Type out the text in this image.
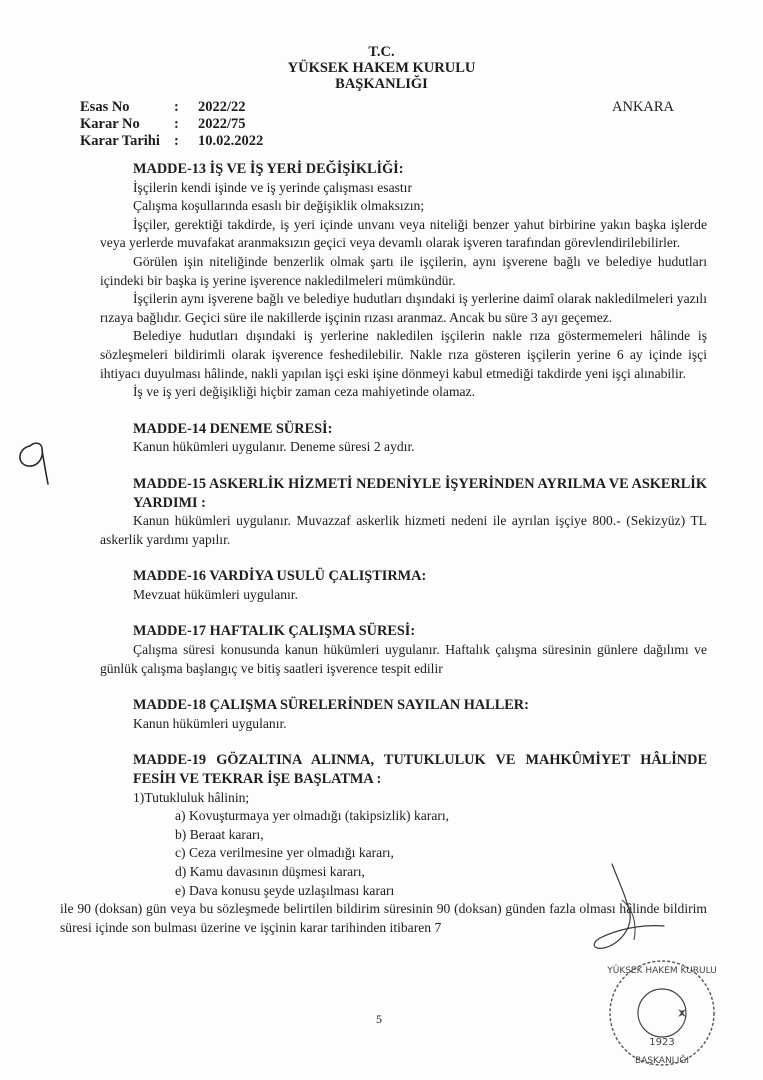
T.C.
YÜKSEK HAKEM KURULU
BAŞKANLIĞI
Esas No	:	2022/22
Karar No	:	2022/75
Karar Tarihi :	10.02.2022
ANKARA
MADDE-13 İŞ VE İŞ YERİ DEĞİŞİKLİĞİ:

İşçilerin kendi işinde ve iş yerinde çalışması esastır

Çalışma koşullarında esaslı bir değişiklik olmaksızın;

İşçiler, gerektiği takdirde, iş yeri içinde unvanı veya niteliği benzer yahut birbirine yakın başka işlerde veya yerlerde muvafakat aranmaksızın geçici veya devamlı olarak işveren tarafından görevlendirilebilirler.

Görülen işin niteliğinde benzerlik olmak şartı ile işçilerin, aynı işverene bağlı ve belediye hudutları içindeki bir başka iş yerine işverence nakledilmeleri mümkündür.

İşçilerin aynı işverene bağlı ve belediye hudutları dışındaki iş yerlerine daimî olarak nakledilmeleri yazılı rızaya bağlıdır. Geçici süre ile nakillerde işçinin rızası aranmaz. Ancak bu süre 3 ayı geçemez.

Belediye hudutları dışındaki iş yerlerine nakledilen işçilerin nakle rıza göstermemeleri hâlinde iş sözleşmeleri bildirimli olarak işverence feshedilebilir. Nakle rıza gösteren işçilerin yerine 6 ay içinde işçi ihtiyacı duyulması hâlinde, nakli yapılan işçi eski işine dönmeyi kabul etmediği takdirde yeni işçi alınabilir.

İş ve iş yeri değişikliği hiçbir zaman ceza mahiyetinde olamaz.

MADDE-14 DENEME SÜRESİ:

Kanun hükümleri uygulanır. Deneme süresi 2 aydır.

MADDE-15 ASKERLİK HİZMETİ NEDENİYLE İŞYERİNDEN AYRILMA VE ASKERLİK YARDIMI :

Kanun hükümleri uygulanır. Muvazzaf askerlik hizmeti nedeni ile ayrılan işçiye 800.- (Sekizyüz) TL askerlik yardımı yapılır.

MADDE-16 VARDİYA USULÜ ÇALIŞTIRMA:

Mevzuat hükümleri uygulanır.

MADDE-17 HAFTALIK ÇALIŞMA SÜRESİ:

Çalışma süresi konusunda kanun hükümleri uygulanır. Haftalık çalışma süresinin günlere dağılımı ve günlük çalışma başlangıç ve bitiş saatleri işverence tespit edilir

MADDE-18 ÇALIŞMA SÜRELERİNDEN SAYILAN HALLER:

Kanun hükümleri uygulanır.

MADDE-19 GÖZALTINA ALINMA, TUTUKLULUK VE MAHKÛMİYET HÂLİNDE FESİH VE TEKRAR İŞE BAŞLATMA :
1)Tutukluluk hâlinin;
a) Kovuşturmaya yer olmadığı (takipsizlik) kararı,
b) Beraat kararı,
c) Ceza verilmesine yer olmadığı kararı,
d) Kamu davasının düşmesi kararı,
e) Dava konusu şeyde uzlaşılması kararı

ile 90 (doksan) gün veya bu sözleşmede belirtilen bildirim süresinin 90 (doksan) günden fazla olması hâlinde bildirim süresi içinde son bulması üzerine ve işçinin karar tarihinden itibaren 7

YÜKSEK HAKEM KURULU
BAŞKANLIĞI
1923
5
